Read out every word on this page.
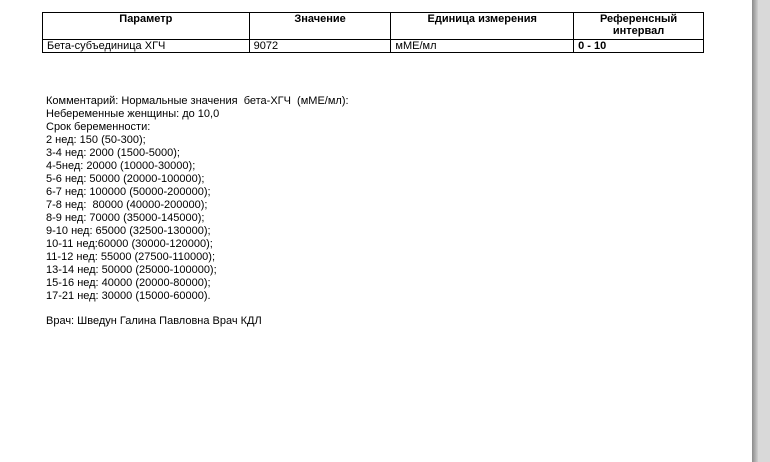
Параметр	Значение	Единица измерения	Референсный интервал
Бета-субъединица ХГЧ	9072	мМЕ/мл	0 - 10
Комментарий: Нормальные значения  бета-ХГЧ  (мМЕ/мл):
Небеременные женщины: до 10,0
Срок беременности:
2 нед: 150 (50-300);
3-4 нед: 2000 (1500-5000);
4-5нед: 20000 (10000-30000);
5-6 нед: 50000 (20000-100000);
6-7 нед: 100000 (50000-200000);
7-8 нед:  80000 (40000-200000);
8-9 нед: 70000 (35000-145000);
9-10 нед: 65000 (32500-130000);
10-11 нед:60000 (30000-120000);
11-12 нед: 55000 (27500-110000);
13-14 нед: 50000 (25000-100000);
15-16 нед: 40000 (20000-80000);
17-21 нед: 30000 (15000-60000).
Врач: Шведун Галина Павловна Врач КДЛ
